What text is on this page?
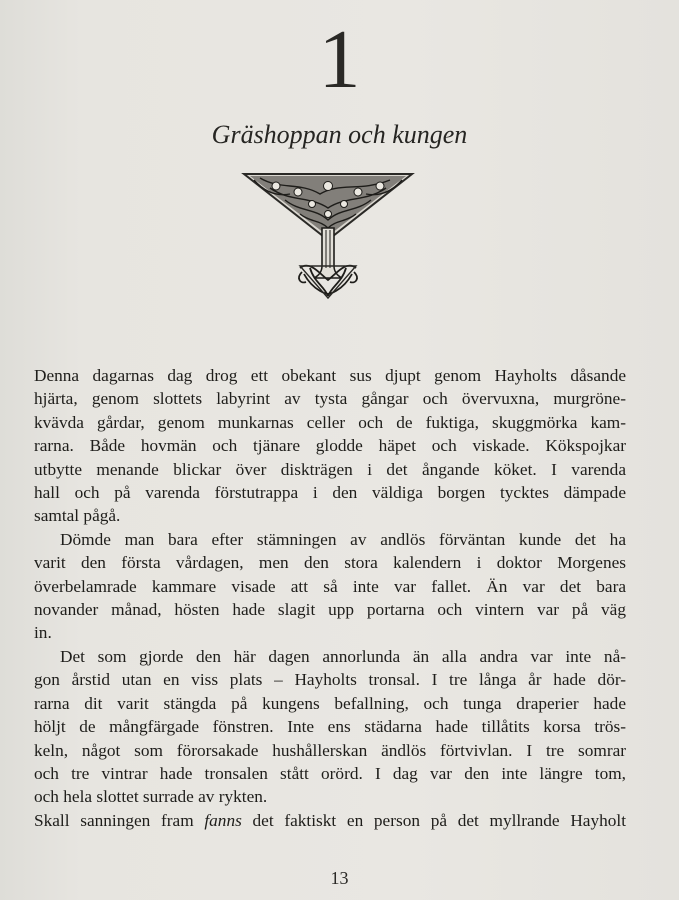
1
Gräshoppan och kungen
Denna dagarnas dag drog ett obekant sus djupt genom Hayholts dåsande
hjärta, genom slottets labyrint av tysta gångar och övervuxna, murgröne-
kvävda gårdar, genom munkarnas celler och de fuktiga, skuggmörka kam-
rarna. Både hovmän och tjänare glodde häpet och viskade. Kökspojkar
utbytte menande blickar över diskträgen i det ångande köket. I varenda
hall och på varenda förstutrappa i den väldiga borgen tycktes dämpade
samtal pågå.
Dömde man bara efter stämningen av andlös förväntan kunde det ha
varit den första vårdagen, men den stora kalendern i doktor Morgenes
överbelamrade kammare visade att så inte var fallet. Än var det bara
novander månad, hösten hade slagit upp portarna och vintern var på väg
in.
Det som gjorde den här dagen annorlunda än alla andra var inte nå-
gon årstid utan en viss plats – Hayholts tronsal. I tre långa år hade dör-
rarna dit varit stängda på kungens befallning, och tunga draperier hade
höljt de mångfärgade fönstren. Inte ens städarna hade tillåtits korsa trös-
keln, något som förorsakade hushållerskan ändlös förtvivlan. I tre somrar
och tre vintrar hade tronsalen stått orörd. I dag var den inte längre tom,
och hela slottet surrade av rykten.
Skall sanningen fram fanns det faktiskt en person på det myllrande Hayholt
13
